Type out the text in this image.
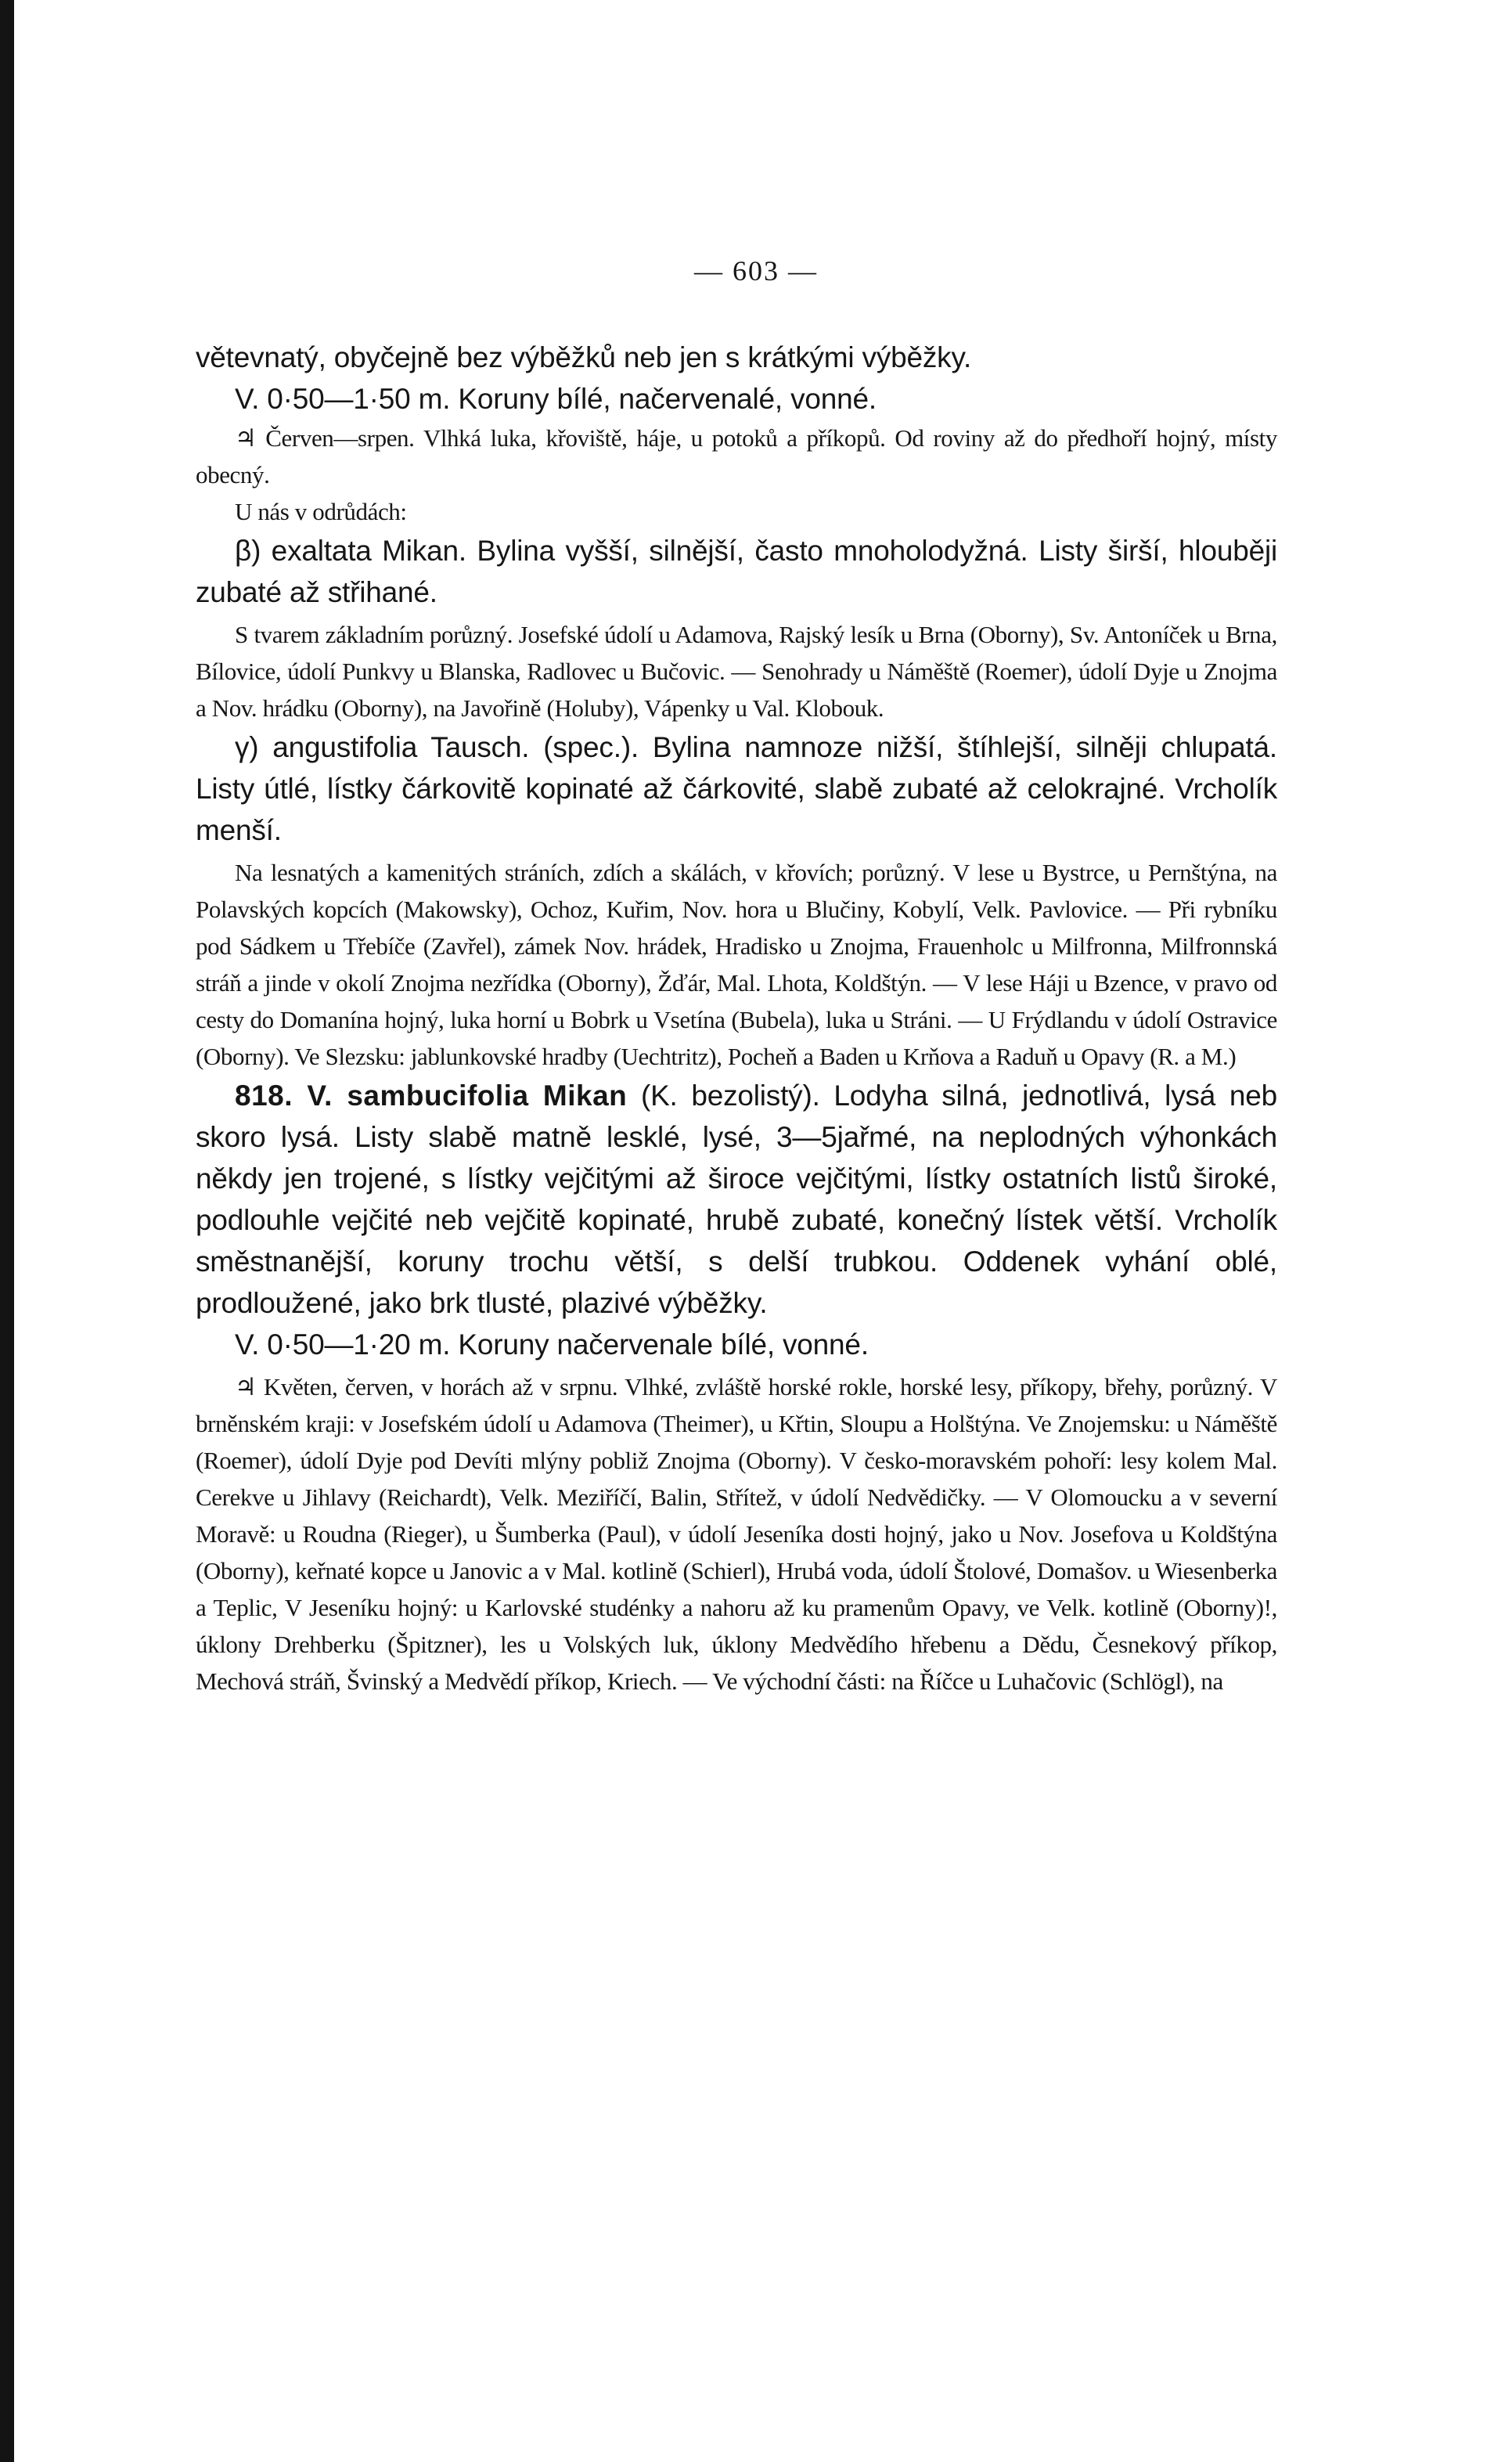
— 603 —

větevnatý, obyčejně bez výběžků neb jen s krátkými výběžky.

V. 0·50—1·50 m. Koruny bílé, načervenalé, vonné.

♃ Červen—srpen. Vlhká luka, křoviště, háje, u potoků a příkopů. Od roviny až do předhoří hojný, místy obecný.

U nás v odrůdách:

β) exaltata Mikan. Bylina vyšší, silnější, často mnoholodyžná. Listy širší, hlouběji zubaté až střihané.

S tvarem základním porůzný. Josefské údolí u Adamova, Rajský lesík u Brna (Oborny), Sv. Antoníček u Brna, Bílovice, údolí Punkvy u Blanska, Radlovec u Bučovic. — Senohrady u Náměště (Roemer), údolí Dyje u Znojma a Nov. hrádku (Oborny), na Javořině (Holuby), Vápenky u Val. Klobouk.

γ) angustifolia Tausch. (spec.). Bylina namnoze nižší, štíhlejší, silněji chlupatá. Listy útlé, lístky čárkovitě kopinaté až čárkovité, slabě zubaté až celokrajné. Vrcholík menší.

Na lesnatých a kamenitých stráních, zdích a skálách, v křovích; porůzný. V lese u Bystrce, u Pernštýna, na Polavských kopcích (Makowsky), Ochoz, Kuřim, Nov. hora u Blučiny, Kobylí, Velk. Pavlovice. — Při rybníku pod Sádkem u Třebíče (Zavřel), zámek Nov. hrádek, Hradisko u Znojma, Frauenholc u Milfronna, Milfronnská stráň a jinde v okolí Znojma nezřídka (Oborny), Žďár, Mal. Lhota, Koldštýn. — V lese Háji u Bzence, v pravo od cesty do Domanína hojný, luka horní u Bobrk u Vsetína (Bubela), luka u Stráni. — U Frýdlandu v údolí Ostravice (Oborny). Ve Slezsku: jablunkovské hradby (Uechtritz), Pocheň a Baden u Krňova a Raduň u Opavy (R. a M.)

818. V. sambucifolia Mikan (K. bezolistý). Lodyha silná, jednotlivá, lysá neb skoro lysá. Listy slabě matně lesklé, lysé, 3—5jařmé, na neplodných výhonkách někdy jen trojené, s lístky vejčitými až široce vejčitými, lístky ostatních listů široké, podlouhle vejčité neb vejčitě kopinaté, hrubě zubaté, konečný lístek větší. Vrcholík směstnanější, koruny trochu větší, s delší trubkou. Oddenek vyhání oblé, prodloužené, jako brk tlusté, plazivé výběžky.

V. 0·50—1·20 m. Koruny načervenale bílé, vonné.

♃ Květen, červen, v horách až v srpnu. Vlhké, zvláště horské rokle, horské lesy, příkopy, břehy, porůzný. V brněnském kraji: v Josefském údolí u Adamova (Theimer), u Křtin, Sloupu a Holštýna. Ve Znojemsku: u Náměště (Roemer), údolí Dyje pod Devíti mlýny pobliž Znojma (Oborny). V česko-moravském pohoří: lesy kolem Mal. Cerekve u Jihlavy (Reichardt), Velk. Meziříčí, Balin, Střítež, v údolí Nedvědičky. — V Olomoucku a v severní Moravě: u Roudna (Rieger), u Šumberka (Paul), v údolí Jeseníka dosti hojný, jako u Nov. Josefova u Koldštýna (Oborny), keřnaté kopce u Janovic a v Mal. kotlině (Schierl), Hrubá voda, údolí Štolové, Domašov. u Wiesenberka a Teplic, V Jeseníku hojný: u Karlovské studénky a nahoru až ku pramenům Opavy, ve Velk. kotlině (Oborny)!, úklony Drehberku (Špitzner), les u Volských luk, úklony Medvědího hřebenu a Dědu, Česnekový příkop, Mechová stráň, Švinský a Medvědí příkop, Kriech. — Ve východní části: na Říčce u Luhačovic (Schlögl), na
